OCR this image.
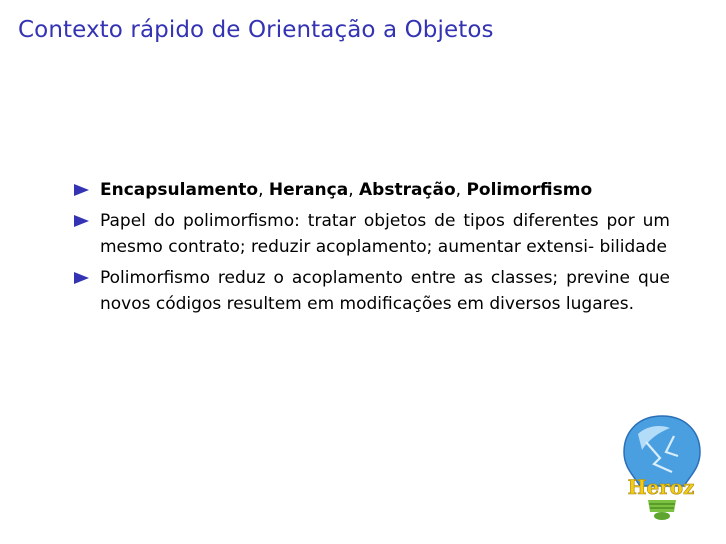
Contexto rápido de Orientação a Objetos
Encapsulamento, Herança, Abstração, Polimorfismo
Papel do polimorfismo: tratar objetos de tipos diferentes por um mesmo contrato; reduzir acoplamento; aumentar extensi- bilidade
Polimorfismo reduz o acoplamento entre as classes; previne que novos códigos resultem em modificações em diversos lugares.
Heroz
